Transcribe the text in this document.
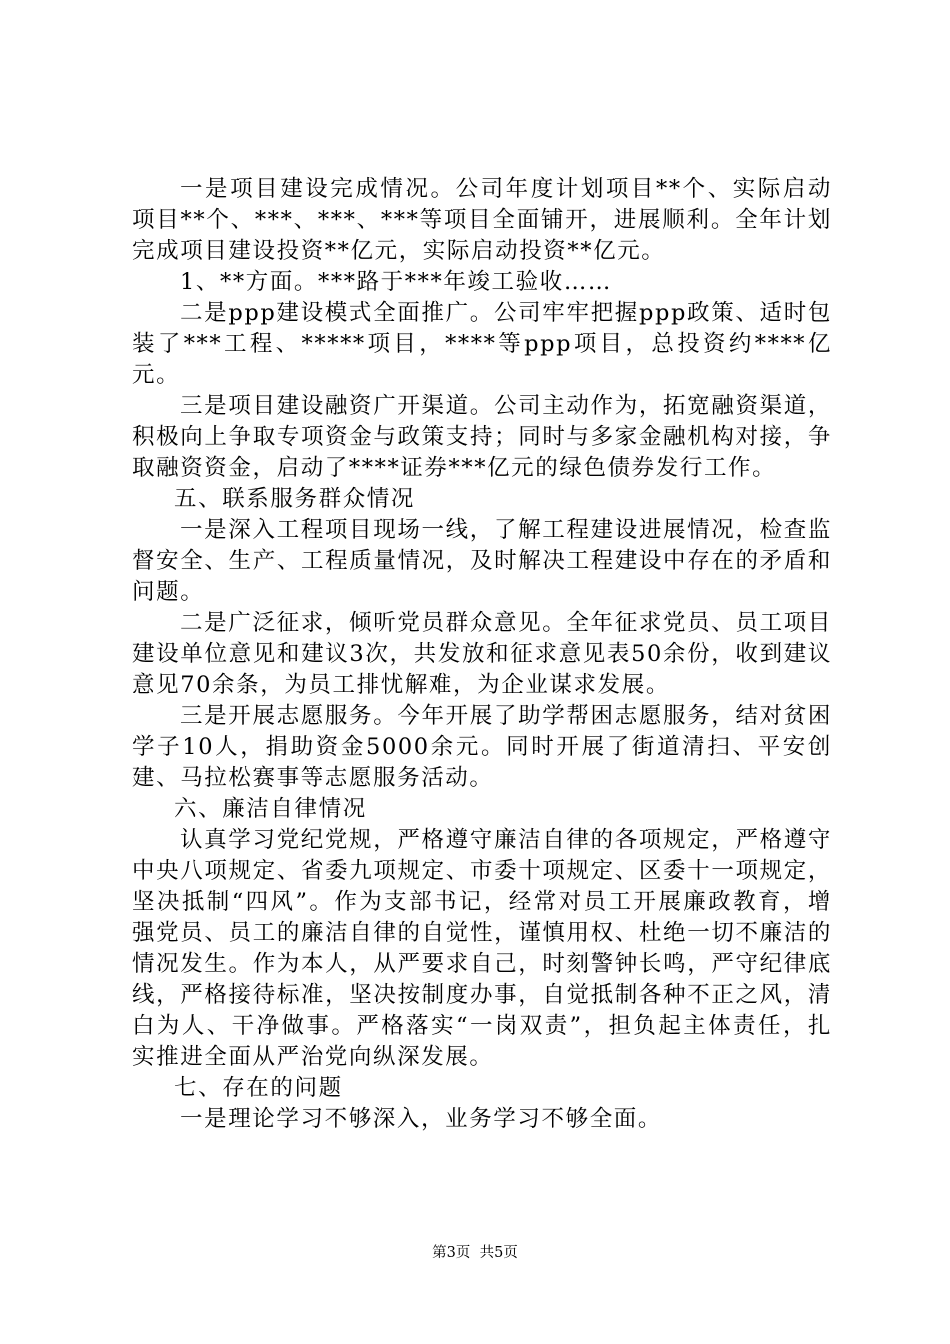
一是项目建设完成情况。公司年度计划项目**个、实际启动项目**个、***、***、***等项目全面铺开，进展顺利。全年计划完成项目建设投资**亿元，实际启动投资**亿元。

1、**方面。***路于***年竣工验收……

二是ppp建设模式全面推广。公司牢牢把握ppp政策、适时包装了***工程、*****项目，****等ppp项目，总投资约****亿元。

三是项目建设融资广开渠道。公司主动作为，拓宽融资渠道，积极向上争取专项资金与政策支持；同时与多家金融机构对接，争取融资资金，启动了****证券***亿元的绿色债券发行工作。

五、联系服务群众情况

一是深入工程项目现场一线，了解工程建设进展情况，检查监督安全、生产、工程质量情况，及时解决工程建设中存在的矛盾和问题。

二是广泛征求，倾听党员群众意见。全年征求党员、员工项目建设单位意见和建议3次，共发放和征求意见表50余份，收到建议意见70余条，为员工排忧解难，为企业谋求发展。

三是开展志愿服务。今年开展了助学帮困志愿服务，结对贫困学子10人，捐助资金5000余元。同时开展了街道清扫、平安创建、马拉松赛事等志愿服务活动。

六、廉洁自律情况

认真学习党纪党规，严格遵守廉洁自律的各项规定，严格遵守中央八项规定、省委九项规定、市委十项规定、区委十一项规定，坚决抵制“四风”。作为支部书记，经常对员工开展廉政教育，增强党员、员工的廉洁自律的自觉性，谨慎用权、杜绝一切不廉洁的情况发生。作为本人，从严要求自己，时刻警钟长鸣，严守纪律底线，严格接待标准，坚决按制度办事，自觉抵制各种不正之风，清白为人、干净做事。严格落实“一岗双责”，担负起主体责任，扎实推进全面从严治党向纵深发展。

七、存在的问题

一是理论学习不够深入，业务学习不够全面。

第3页 共5页
